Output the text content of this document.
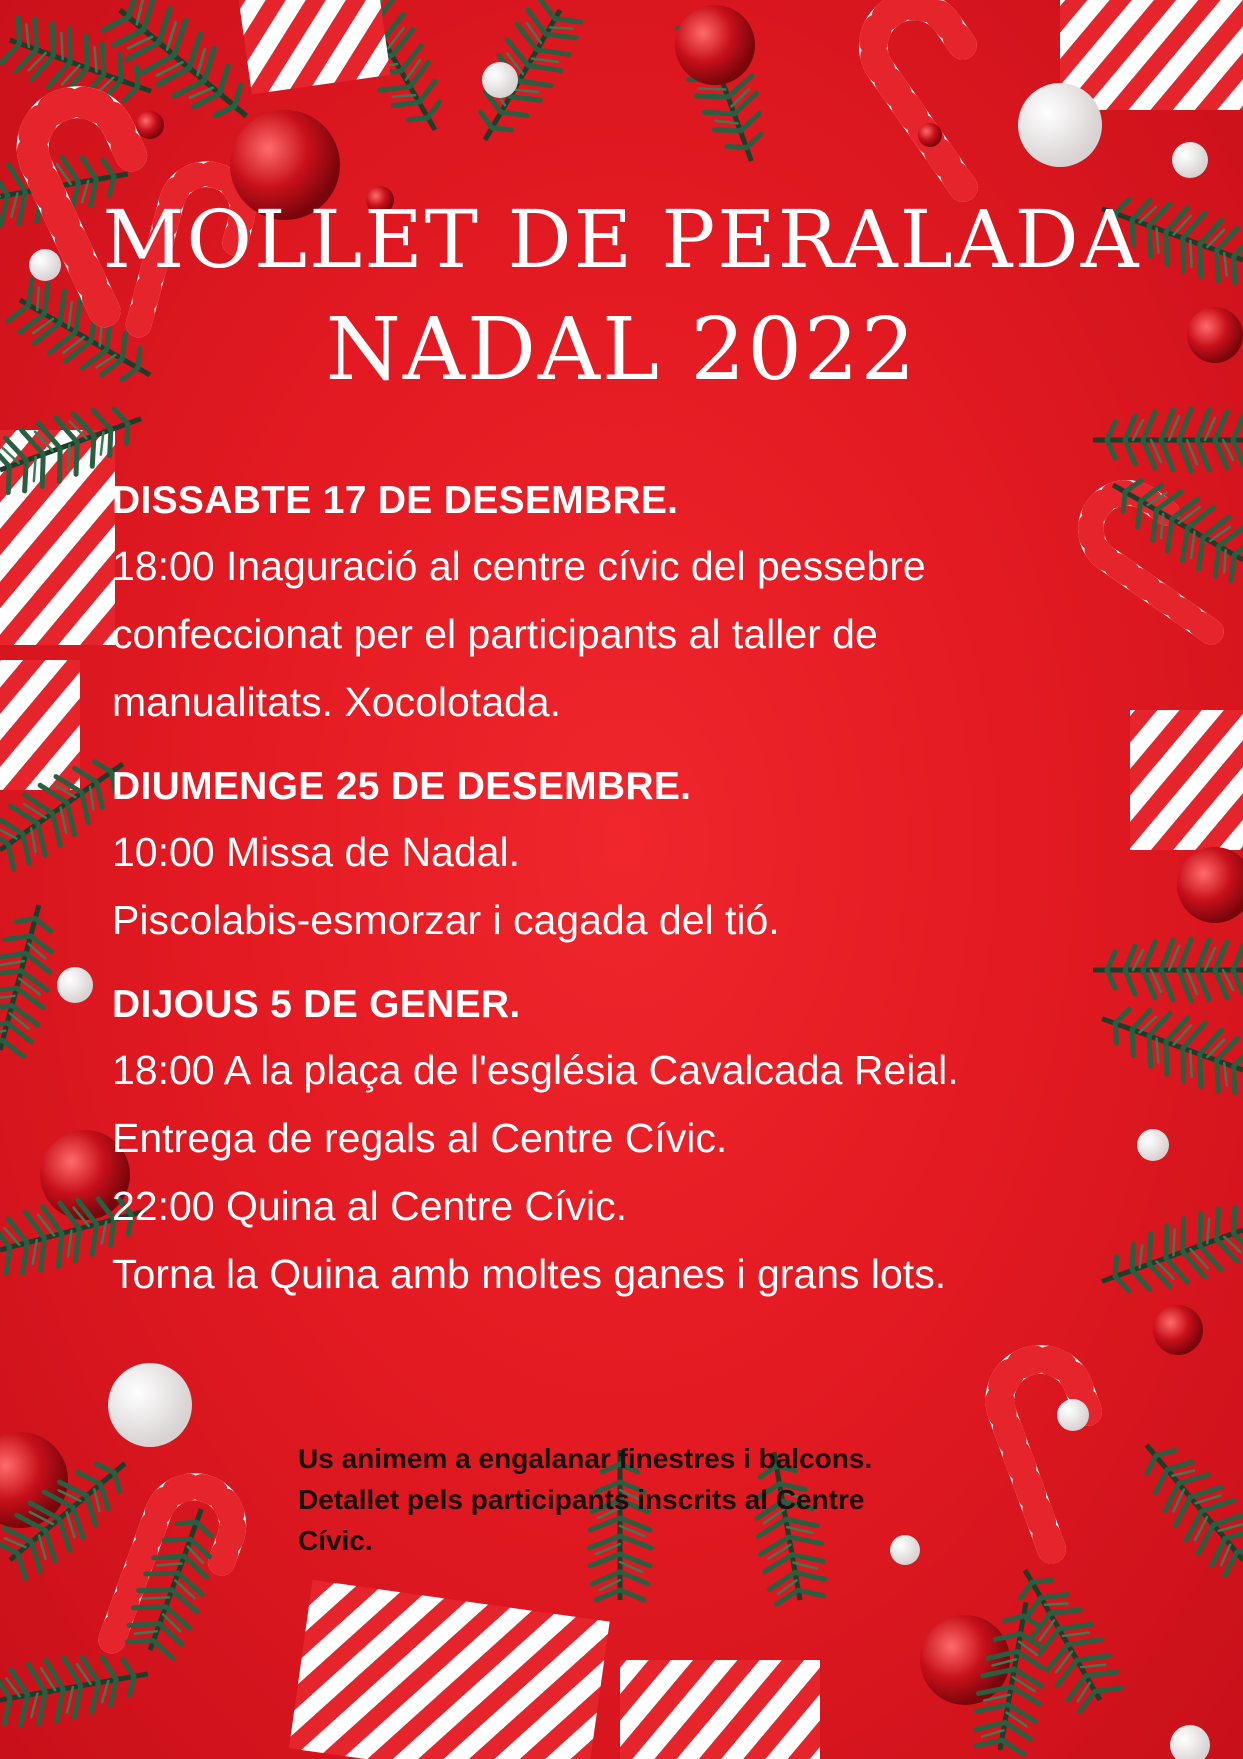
MOLLET DE PERALADA
NADAL 2022
DISSABTE 17 DE DESEMBRE.
18:00 Inaguració al centre cívic del pessebre
confeccionat per el participants al taller de
manualitats. Xocolotada.
DIUMENGE 25 DE DESEMBRE.
10:00 Missa de Nadal.
Piscolabis-esmorzar i cagada del tió.
DIJOUS 5 DE GENER.
18:00 A la plaça de l'església Cavalcada Reial.
Entrega de regals al Centre Cívic.
22:00 Quina al Centre Cívic.
Torna la Quina amb moltes ganes i grans lots.
Us animem a engalanar finestres i balcons.
Detallet pels participants inscrits al Centre
Cívic.
